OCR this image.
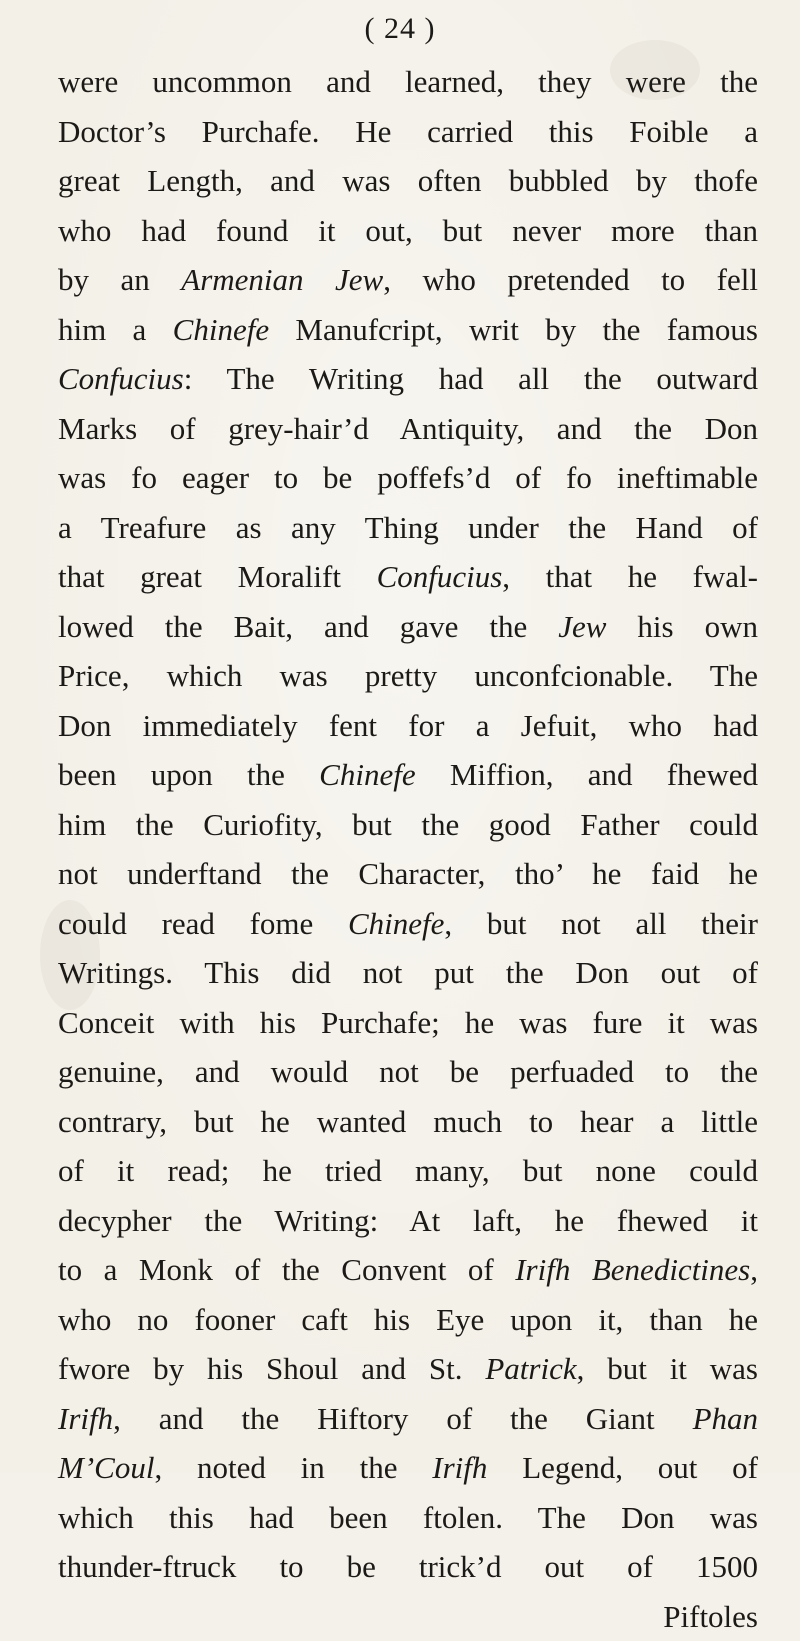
( 24 )
were uncommon and learned, they were the
Doctor’s Purchafe. He carried this Foible a
great Length, and was often bubbled by thofe
who had found it out, but never more than
by an Armenian Jew, who pretended to fell
him a Chinefe Manufcript, writ by the famous
Confucius: The Writing had all the outward
Marks of grey-hair’d Antiquity, and the Don
was fo eager to be poffefs’d of fo ineftimable
a Treafure as any Thing under the Hand of
that great Moralift Confucius, that he fwal-
lowed the Bait, and gave the Jew his own
Price, which was pretty unconfcionable. The
Don immediately fent for a Jefuit, who had
been upon the Chinefe Miffion, and fhewed
him the Curiofity, but the good Father could
not underftand the Character, tho’ he faid he
could read fome Chinefe, but not all their
Writings. This did not put the Don out of
Conceit with his Purchafe; he was fure it was
genuine, and would not be perfuaded to the
contrary, but he wanted much to hear a little
of it read; he tried many, but none could
decypher the Writing: At laft, he fhewed it
to a Monk of the Convent of Irifh Benedictines,
who no fooner caft his Eye upon it, than he
fwore by his Shoul and St. Patrick, but it was
Irifh, and the Hiftory of the Giant Phan
M’Coul, noted in the Irifh Legend, out of
which this had been ftolen. The Don was
thunder-ftruck to be trick’d out of 1500
Piftoles
